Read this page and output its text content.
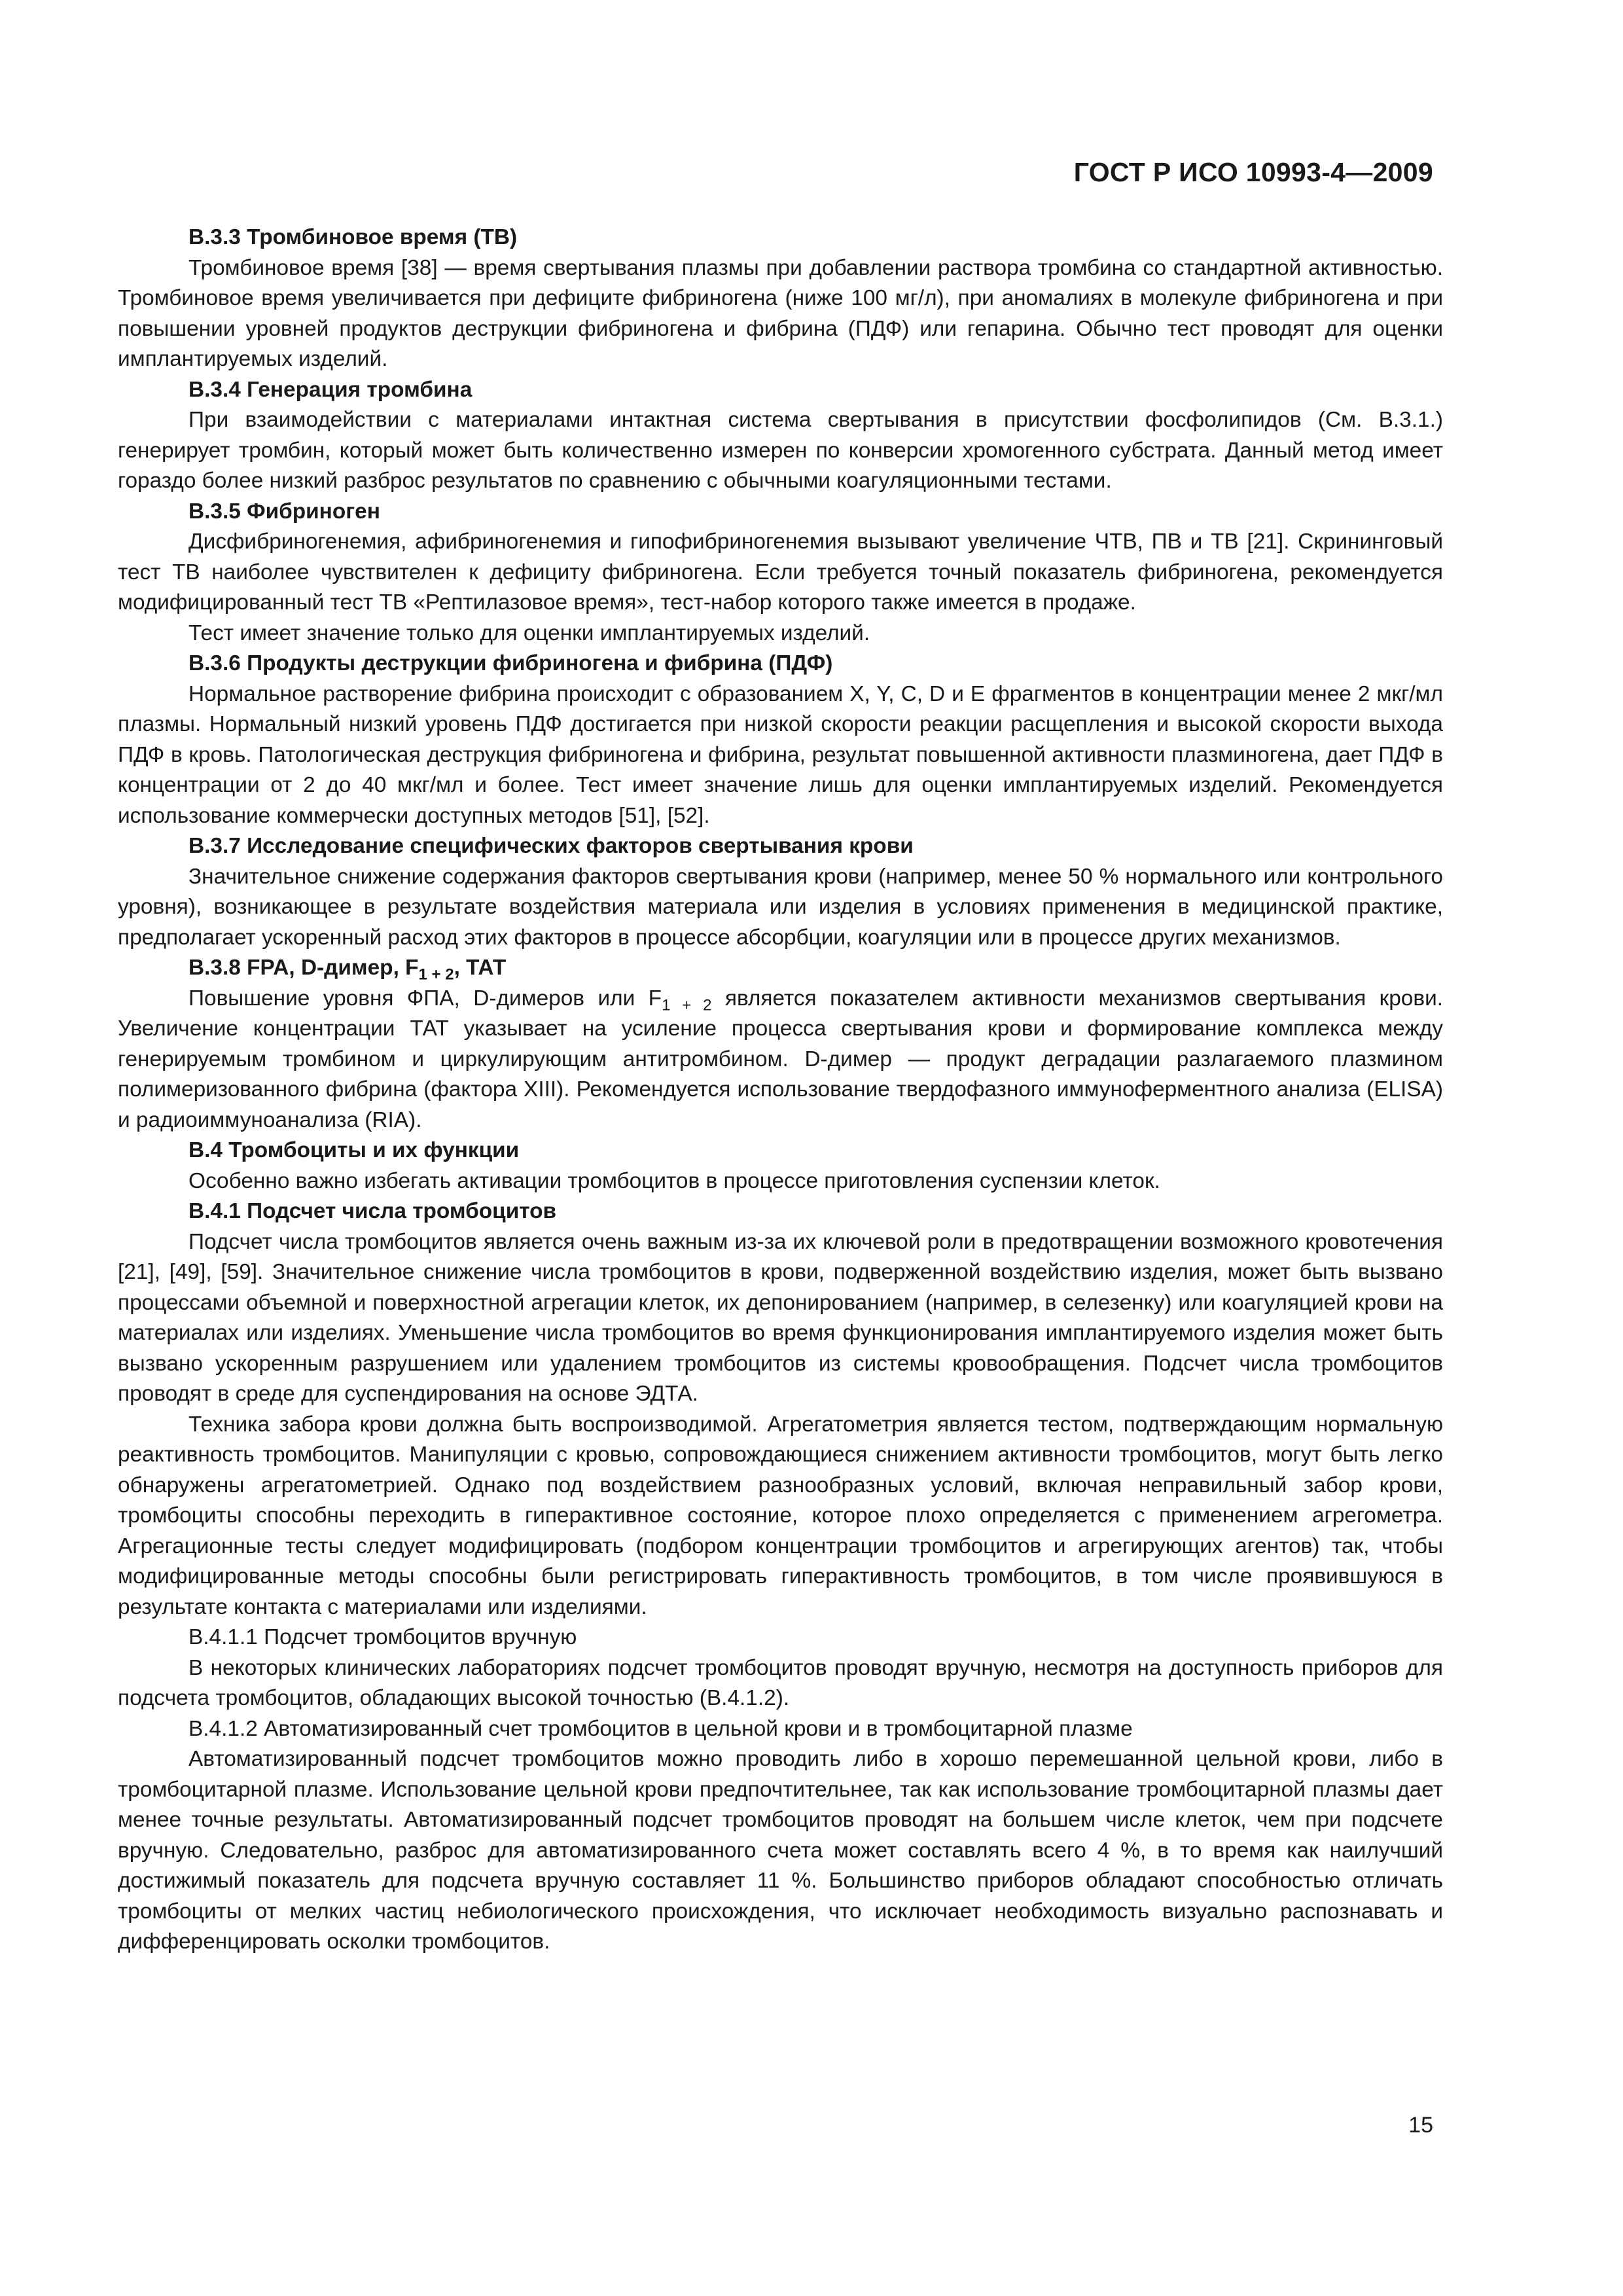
ГОСТ Р ИСО 10993-4—2009

В.3.3 Тромбиновое время (ТВ)

Тромбиновое время [38] — время свертывания плазмы при добавлении раствора тромбина со стандартной активностью. Тромбиновое время увеличивается при дефиците фибриногена (ниже 100 мг/л), при аномалиях в молекуле фибриногена и при повышении уровней продуктов деструкции фибриногена и фибрина (ПДФ) или гепарина. Обычно тест проводят для оценки имплантируемых изделий.

В.3.4 Генерация тромбина

При взаимодействии с материалами интактная система свертывания в присутствии фосфолипидов (См. В.3.1.) генерирует тромбин, который может быть количественно измерен по конверсии хромогенного субстрата. Данный метод имеет гораздо более низкий разброс результатов по сравнению с обычными коагуляционными тестами.

В.3.5 Фибриноген

Дисфибриногенемия, афибриногенемия и гипофибриногенемия вызывают увеличение ЧТВ, ПВ и ТВ [21]. Скрининговый тест ТВ наиболее чувствителен к дефициту фибриногена. Если требуется точный показатель фибриногена, рекомендуется модифицированный тест ТВ «Рептилазовое время», тест-набор которого также имеется в продаже.

Тест имеет значение только для оценки имплантируемых изделий.

В.3.6 Продукты деструкции фибриногена и фибрина (ПДФ)

Нормальное растворение фибрина происходит с образованием X, Y, C, D и E фрагментов в концентрации менее 2 мкг/мл плазмы. Нормальный низкий уровень ПДФ достигается при низкой скорости реакции расщепления и высокой скорости выхода ПДФ в кровь. Патологическая деструкция фибриногена и фибрина, результат повышенной активности плазминогена, дает ПДФ в концентрации от 2 до 40 мкг/мл и более. Тест имеет значение лишь для оценки имплантируемых изделий. Рекомендуется использование коммерчески доступных методов [51], [52].

В.3.7 Исследование специфических факторов свертывания крови

Значительное снижение содержания факторов свертывания крови (например, менее 50 % нормального или контрольного уровня), возникающее в результате воздействия материала или изделия в условиях применения в медицинской практике, предполагает ускоренный расход этих факторов в процессе абсорбции, коагуляции или в процессе других механизмов.

В.3.8 FPA, D-димер, $F_{1 + 2}$, ТАТ

Повышение уровня ФПА, D-димеров или $F_{1 + 2}$ является показателем активности механизмов свертывания крови. Увеличение концентрации ТАТ указывает на усиление процесса свертывания крови и формирование комплекса между генерируемым тромбином и циркулирующим антитромбином. D-димер — продукт деградации разлагаемого плазмином полимеризованного фибрина (фактора XIII). Рекомендуется использование твердофазного иммуноферментного анализа (ELISA) и радиоиммуноанализа (RIA).

В.4 Тромбоциты и их функции

Особенно важно избегать активации тромбоцитов в процессе приготовления суспензии клеток.

В.4.1 Подсчет числа тромбоцитов

Подсчет числа тромбоцитов является очень важным из-за их ключевой роли в предотвращении возможного кровотечения [21], [49], [59]. Значительное снижение числа тромбоцитов в крови, подверженной воздействию изделия, может быть вызвано процессами объемной и поверхностной агрегации клеток, их депонированием (например, в селезенку) или коагуляцией крови на материалах или изделиях. Уменьшение числа тромбоцитов во время функционирования имплантируемого изделия может быть вызвано ускоренным разрушением или удалением тромбоцитов из системы кровообращения. Подсчет числа тромбоцитов проводят в среде для суспендирования на основе ЭДТА.

Техника забора крови должна быть воспроизводимой. Агрегатометрия является тестом, подтверждающим нормальную реактивность тромбоцитов. Манипуляции с кровью, сопровождающиеся снижением активности тромбоцитов, могут быть легко обнаружены агрегатометрией. Однако под воздействием разнообразных условий, включая неправильный забор крови, тромбоциты способны переходить в гиперактивное состояние, которое плохо определяется с применением агрегометра. Агрегационные тесты следует модифицировать (подбором концентрации тромбоцитов и агрегирующих агентов) так, чтобы модифицированные методы способны были регистрировать гиперактивность тромбоцитов, в том числе проявившуюся в результате контакта с материалами или изделиями.

В.4.1.1 Подсчет тромбоцитов вручную

В некоторых клинических лабораториях подсчет тромбоцитов проводят вручную, несмотря на доступность приборов для подсчета тромбоцитов, обладающих высокой точностью (В.4.1.2).

В.4.1.2 Автоматизированный счет тромбоцитов в цельной крови и в тромбоцитарной плазме

Автоматизированный подсчет тромбоцитов можно проводить либо в хорошо перемешанной цельной крови, либо в тромбоцитарной плазме. Использование цельной крови предпочтительнее, так как использование тромбоцитарной плазмы дает менее точные результаты. Автоматизированный подсчет тромбоцитов проводят на большем числе клеток, чем при подсчете вручную. Следовательно, разброс для автоматизированного счета может составлять всего 4 %, в то время как наилучший достижимый показатель для подсчета вручную составляет 11 %. Большинство приборов обладают способностью отличать тромбоциты от мелких частиц небиологического происхождения, что исключает необходимость визуально распознавать и дифференцировать осколки тромбоцитов.

15
